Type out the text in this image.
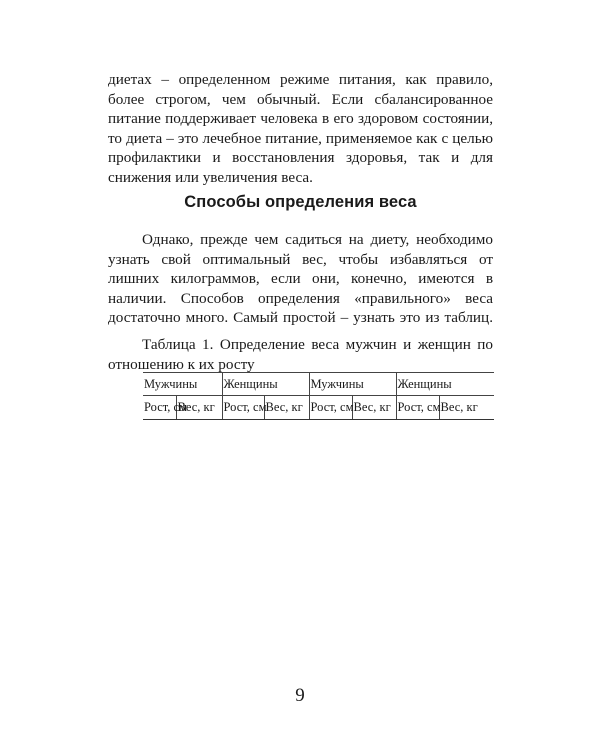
диетах – определенном режиме питания, как правило,
более строгом, чем обычный. Если сбалансированное
питание поддерживает человека в его здоровом состоянии,
то диета – это лечебное питание, применяемое как с целью
профилактики и восстановления здоровья, так и для
снижения или увеличения веса.
Способы определения веса
Однако, прежде чем садиться на диету, необходимо
узнать свой оптимальный вес, чтобы избавляться от
лишних килограммов, если они, конечно, имеются в
наличии. Способов определения «правильного» веса
достаточно много. Самый простой – узнать это из таблиц.
Таблица 1. Определение веса мужчин и женщин по
отношению к их росту
Мужчины		Женщины		Мужчины		Женщины	
Рост, см	Вес, кг	Рост, см	Вес, кг	Рост, см	Вес, кг	Рост, см	Вес, кг
9
